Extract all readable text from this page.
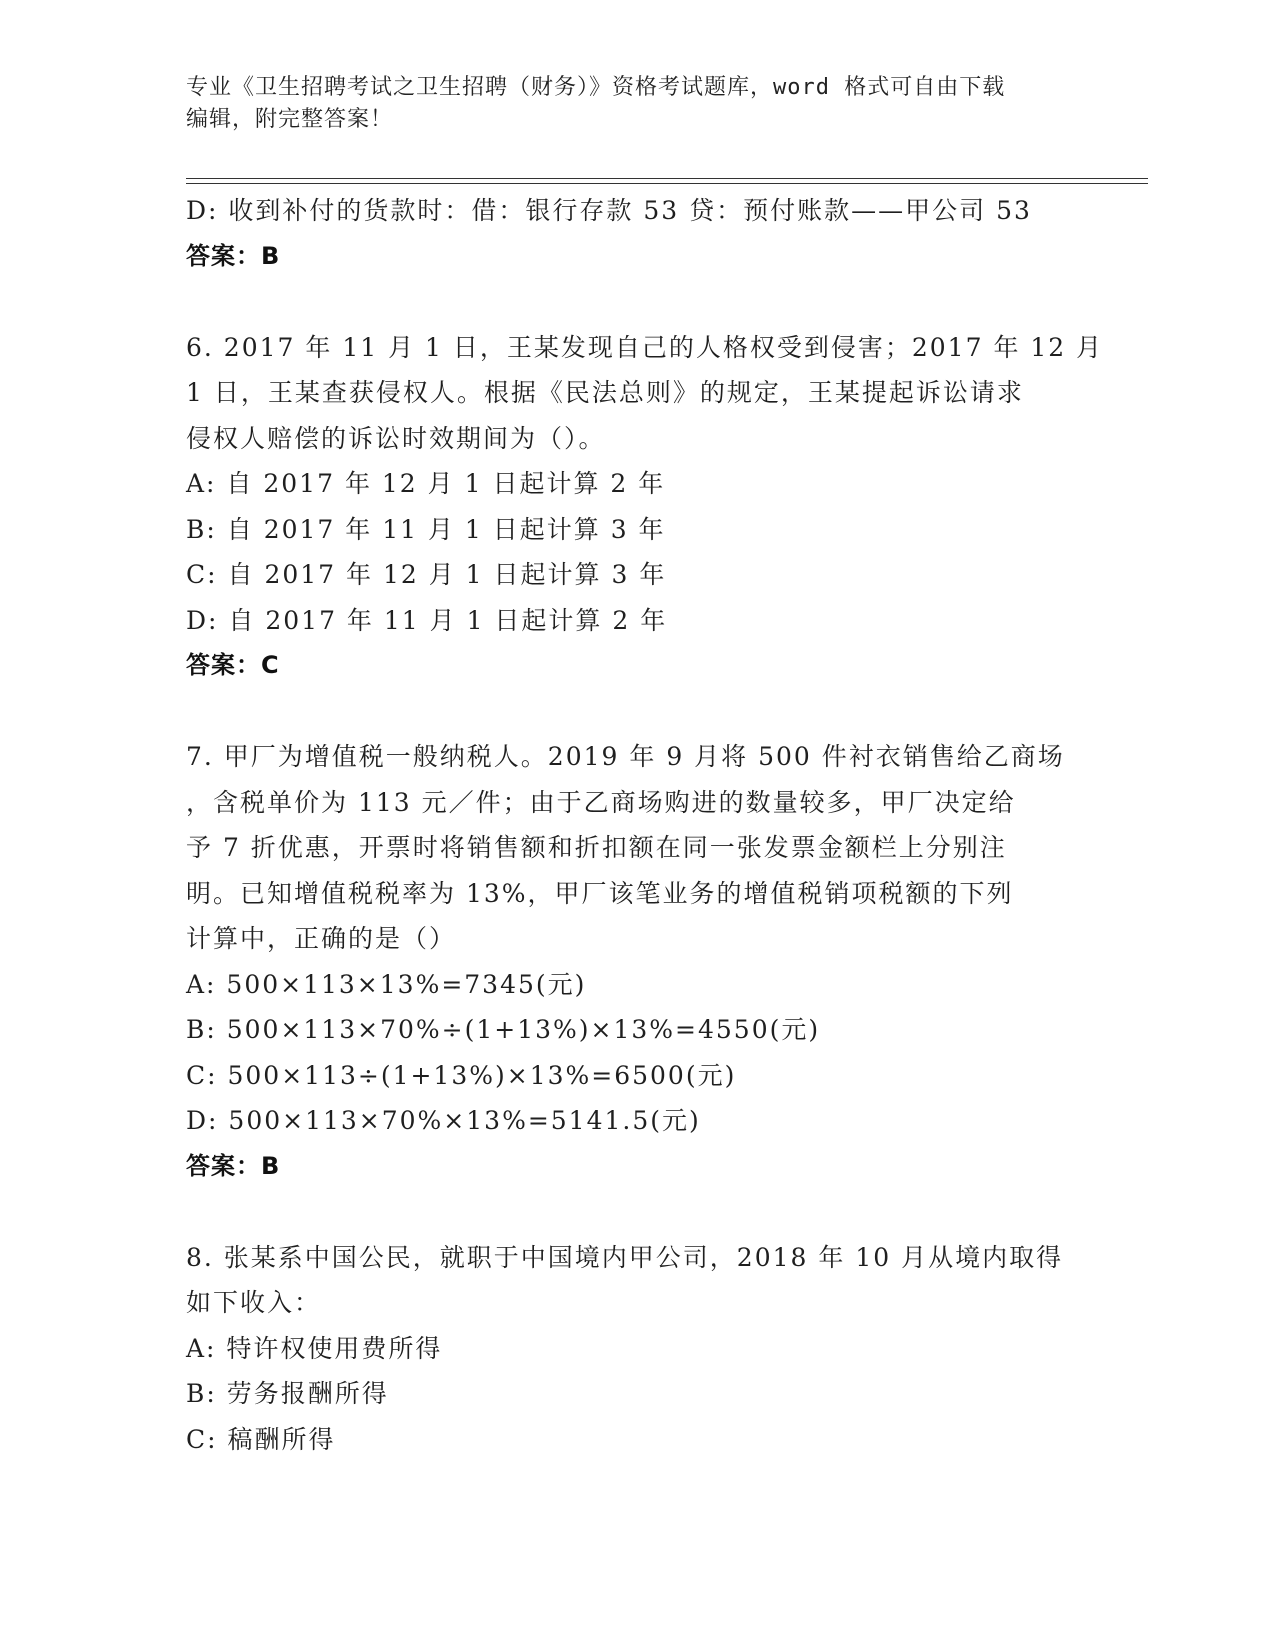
专业《卫生招聘考试之卫生招聘（财务）》资格考试题库，word 格式可自由下载
编辑，附完整答案！
D: 收到补付的货款时：借：银行存款 53 贷：预付账款——甲公司 53
答案：B
6. 2017 年 11 月 1 日，王某发现自己的人格权受到侵害；2017 年 12 月
1 日，王某查获侵权人。根据《民法总则》的规定，王某提起诉讼请求
侵权人赔偿的诉讼时效期间为（）。
A: 自 2017 年 12 月 1 日起计算 2 年
B: 自 2017 年 11 月 1 日起计算 3 年
C: 自 2017 年 12 月 1 日起计算 3 年
D: 自 2017 年 11 月 1 日起计算 2 年
答案：C
7. 甲厂为增值税一般纳税人。2019 年 9 月将 500 件衬衣销售给乙商场
，含税单价为 113 元／件；由于乙商场购进的数量较多，甲厂决定给
予 7 折优惠，开票时将销售额和折扣额在同一张发票金额栏上分别注
明。已知增值税税率为 13%，甲厂该笔业务的增值税销项税额的下列
计算中，正确的是（）
A: 500×113×13%=7345(元)
B: 500×113×70%÷(1+13%)×13%=4550(元)
C: 500×113÷(1+13%)×13%=6500(元)
D: 500×113×70%×13%=5141.5(元)
答案：B
8. 张某系中国公民，就职于中国境内甲公司，2018 年 10 月从境内取得
如下收入：
A: 特许权使用费所得
B: 劳务报酬所得
C: 稿酬所得
